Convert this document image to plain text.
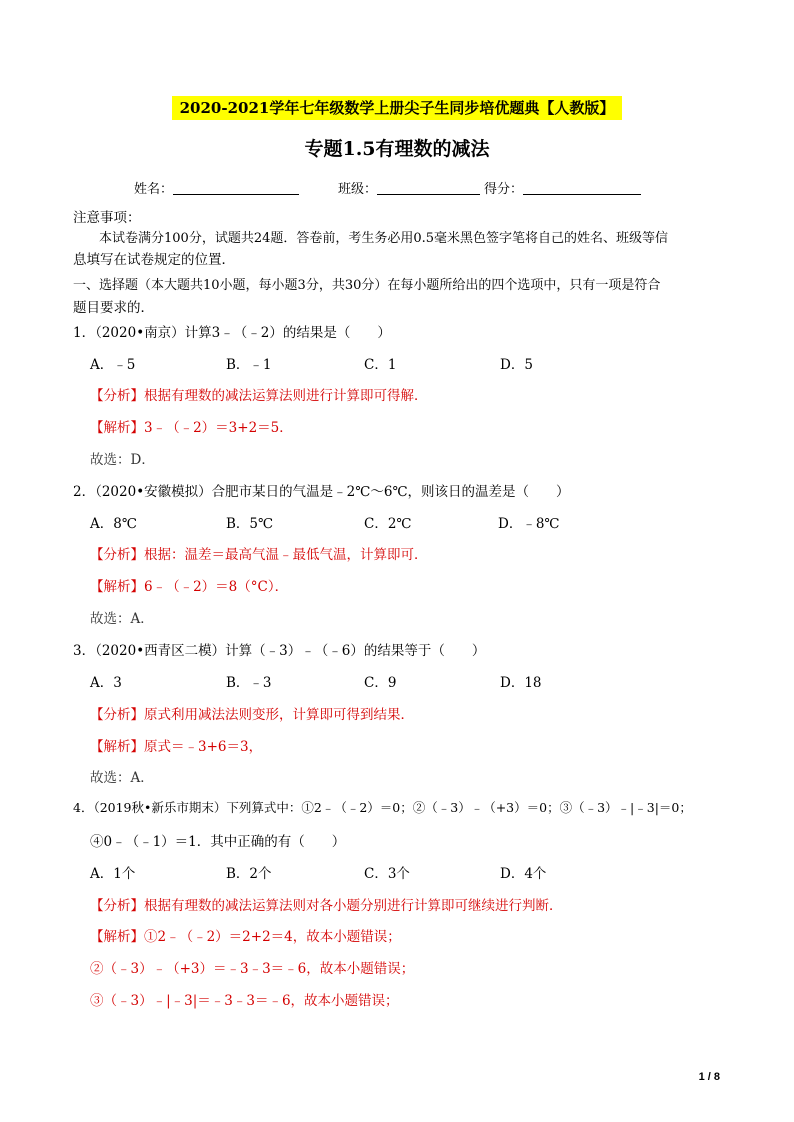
2020-2021学年七年级数学上册尖子生同步培优题典【人教版】
专题1.5有理数的减法
姓名：	班级：	得分：
注意事项：
本试卷满分100分，试题共24题．答卷前，考生务必用0.5毫米黑色签字笔将自己的姓名、班级等信
息填写在试卷规定的位置．
一、选择题（本大题共10小题，每小题3分，共30分）在每小题所给出的四个选项中，只有一项是符合
题目要求的．
1．（2020•南京）计算3﹣（﹣2）的结果是（　　）
A．﹣5	B．﹣1	C．1	D．5
【分析】根据有理数的减法运算法则进行计算即可得解．
【解析】3﹣（﹣2）＝3+2＝5．
故选：D．
2．（2020•安徽模拟）合肥市某日的气温是﹣2℃～6℃，则该日的温差是（　　）
A．8℃	B．5℃	C．2℃	D．﹣8℃
【分析】根据：温差＝最高气温﹣最低气温，计算即可．
【解析】6﹣（﹣2）＝8（°C）．
故选：A．
3．（2020•西青区二模）计算（﹣3）﹣（﹣6）的结果等于（　　）
A．3	B．﹣3	C．9	D．18
【分析】原式利用减法法则变形，计算即可得到结果．
【解析】原式＝﹣3+6＝3，
故选：A．
4．（2019秋•新乐市期末）下列算式中：①2﹣（﹣2）＝0；②（﹣3）﹣（+3）＝0；③（﹣3）﹣|﹣3|＝0；
④0﹣（﹣1）＝1．其中正确的有（　　）
A．1个	B．2个	C．3个	D．4个
【分析】根据有理数的减法运算法则对各小题分别进行计算即可继续进行判断．
【解析】①2﹣（﹣2）＝2+2＝4，故本小题错误；
②（﹣3）﹣（+3）＝﹣3﹣3＝﹣6，故本小题错误；
③（﹣3）﹣|﹣3|＝﹣3﹣3＝﹣6，故本小题错误；
1 / 8
